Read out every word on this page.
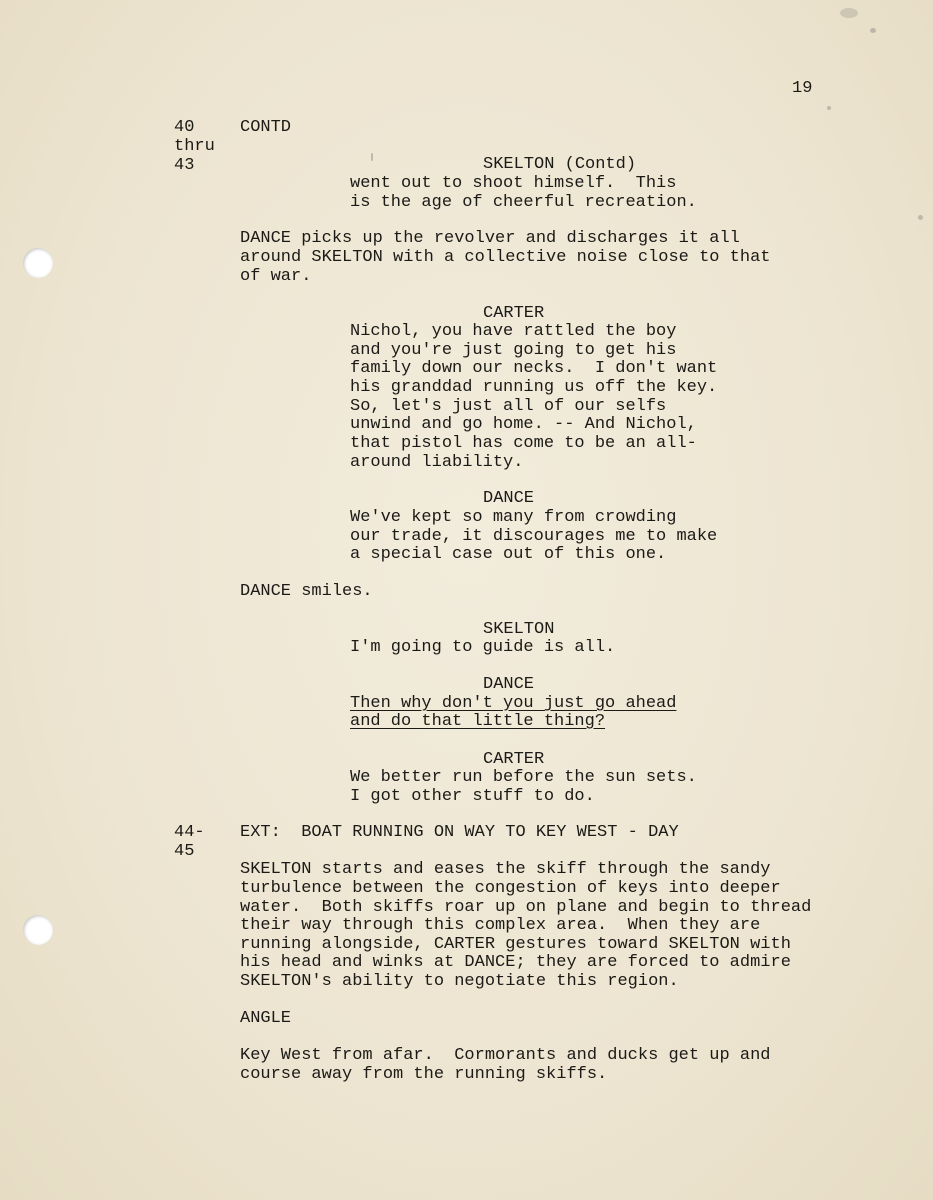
19
40
thru
43
CONTD
SKELTON (Contd)
went out to shoot himself.  This
is the age of cheerful recreation.
DANCE picks up the revolver and discharges it all
around SKELTON with a collective noise close to that
of war.
CARTER
Nichol, you have rattled the boy
and you're just going to get his
family down our necks.  I don't want
his granddad running us off the key.
So, let's just all of our selfs
unwind and go home. -- And Nichol,
that pistol has come to be an all-
around liability.
DANCE
We've kept so many from crowding
our trade, it discourages me to make
a special case out of this one.
DANCE smiles.
SKELTON
I'm going to guide is all.
DANCE
Then why don't you just go ahead
and do that little thing?
CARTER
We better run before the sun sets.
I got other stuff to do.
44-
45
EXT:  BOAT RUNNING ON WAY TO KEY WEST - DAY
SKELTON starts and eases the skiff through the sandy
turbulence between the congestion of keys into deeper
water.  Both skiffs roar up on plane and begin to thread
their way through this complex area.  When they are
running alongside, CARTER gestures toward SKELTON with
his head and winks at DANCE; they are forced to admire
SKELTON's ability to negotiate this region.
ANGLE
Key West from afar.  Cormorants and ducks get up and
course away from the running skiffs.
